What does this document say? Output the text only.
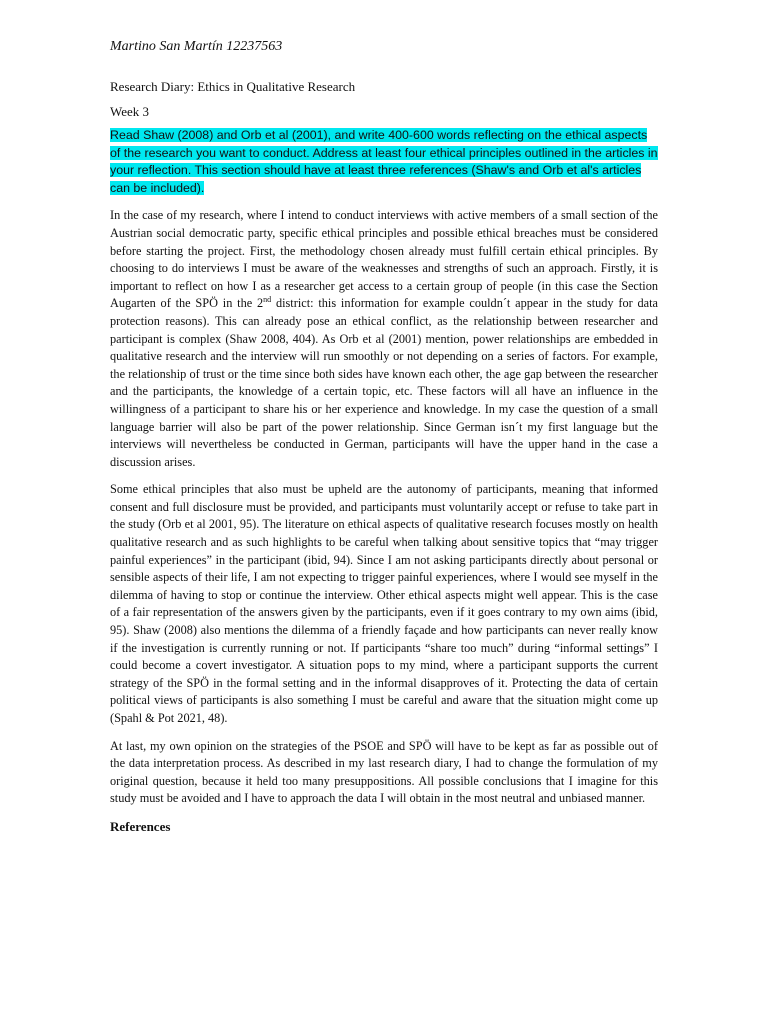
Martino San Martín 12237563

Research Diary: Ethics in Qualitative Research

Week 3

Read Shaw (2008) and Orb et al (2001), and write 400-600 words reflecting on the ethical aspects of the research you want to conduct. Address at least four ethical principles outlined in the articles in your reflection. This section should have at least three references (Shaw's and Orb et al's articles can be included).

In the case of my research, where I intend to conduct interviews with active members of a small section of the Austrian social democratic party, specific ethical principles and possible ethical breaches must be considered before starting the project. First, the methodology chosen already must fulfill certain ethical principles. By choosing to do interviews I must be aware of the weaknesses and strengths of such an approach. Firstly, it is important to reflect on how I as a researcher get access to a certain group of people (in this case the Section Augarten of the SPÖ in the 2nd district: this information for example couldn´t appear in the study for data protection reasons). This can already pose an ethical conflict, as the relationship between researcher and participant is complex (Shaw 2008, 404). As Orb et al (2001) mention, power relationships are embedded in qualitative research and the interview will run smoothly or not depending on a series of factors. For example, the relationship of trust or the time since both sides have known each other, the age gap between the researcher and the participants, the knowledge of a certain topic, etc. These factors will all have an influence in the willingness of a participant to share his or her experience and knowledge. In my case the question of a small language barrier will also be part of the power relationship. Since German isn´t my first language but the interviews will nevertheless be conducted in German, participants will have the upper hand in the case a discussion arises.

Some ethical principles that also must be upheld are the autonomy of participants, meaning that informed consent and full disclosure must be provided, and participants must voluntarily accept or refuse to take part in the study (Orb et al 2001, 95). The literature on ethical aspects of qualitative research focuses mostly on health qualitative research and as such highlights to be careful when talking about sensitive topics that “may trigger painful experiences” in the participant (ibid, 94). Since I am not asking participants directly about personal or sensible aspects of their life, I am not expecting to trigger painful experiences, where I would see myself in the dilemma of having to stop or continue the interview. Other ethical aspects might well appear. This is the case of a fair representation of the answers given by the participants, even if it goes contrary to my own aims (ibid, 95). Shaw (2008) also mentions the dilemma of a friendly façade and how participants can never really know if the investigation is currently running or not. If participants “share too much” during “informal settings” I could become a covert investigator. A situation pops to my mind, where a participant supports the current strategy of the SPÖ in the formal setting and in the informal disapproves of it. Protecting the data of certain political views of participants is also something I must be careful and aware that the situation might come up (Spahl & Pot 2021, 48).

At last, my own opinion on the strategies of the PSOE and SPÖ will have to be kept as far as possible out of the data interpretation process. As described in my last research diary, I had to change the formulation of my original question, because it held too many presuppositions. All possible conclusions that I imagine for this study must be avoided and I have to approach the data I will obtain in the most neutral and unbiased manner.

References
